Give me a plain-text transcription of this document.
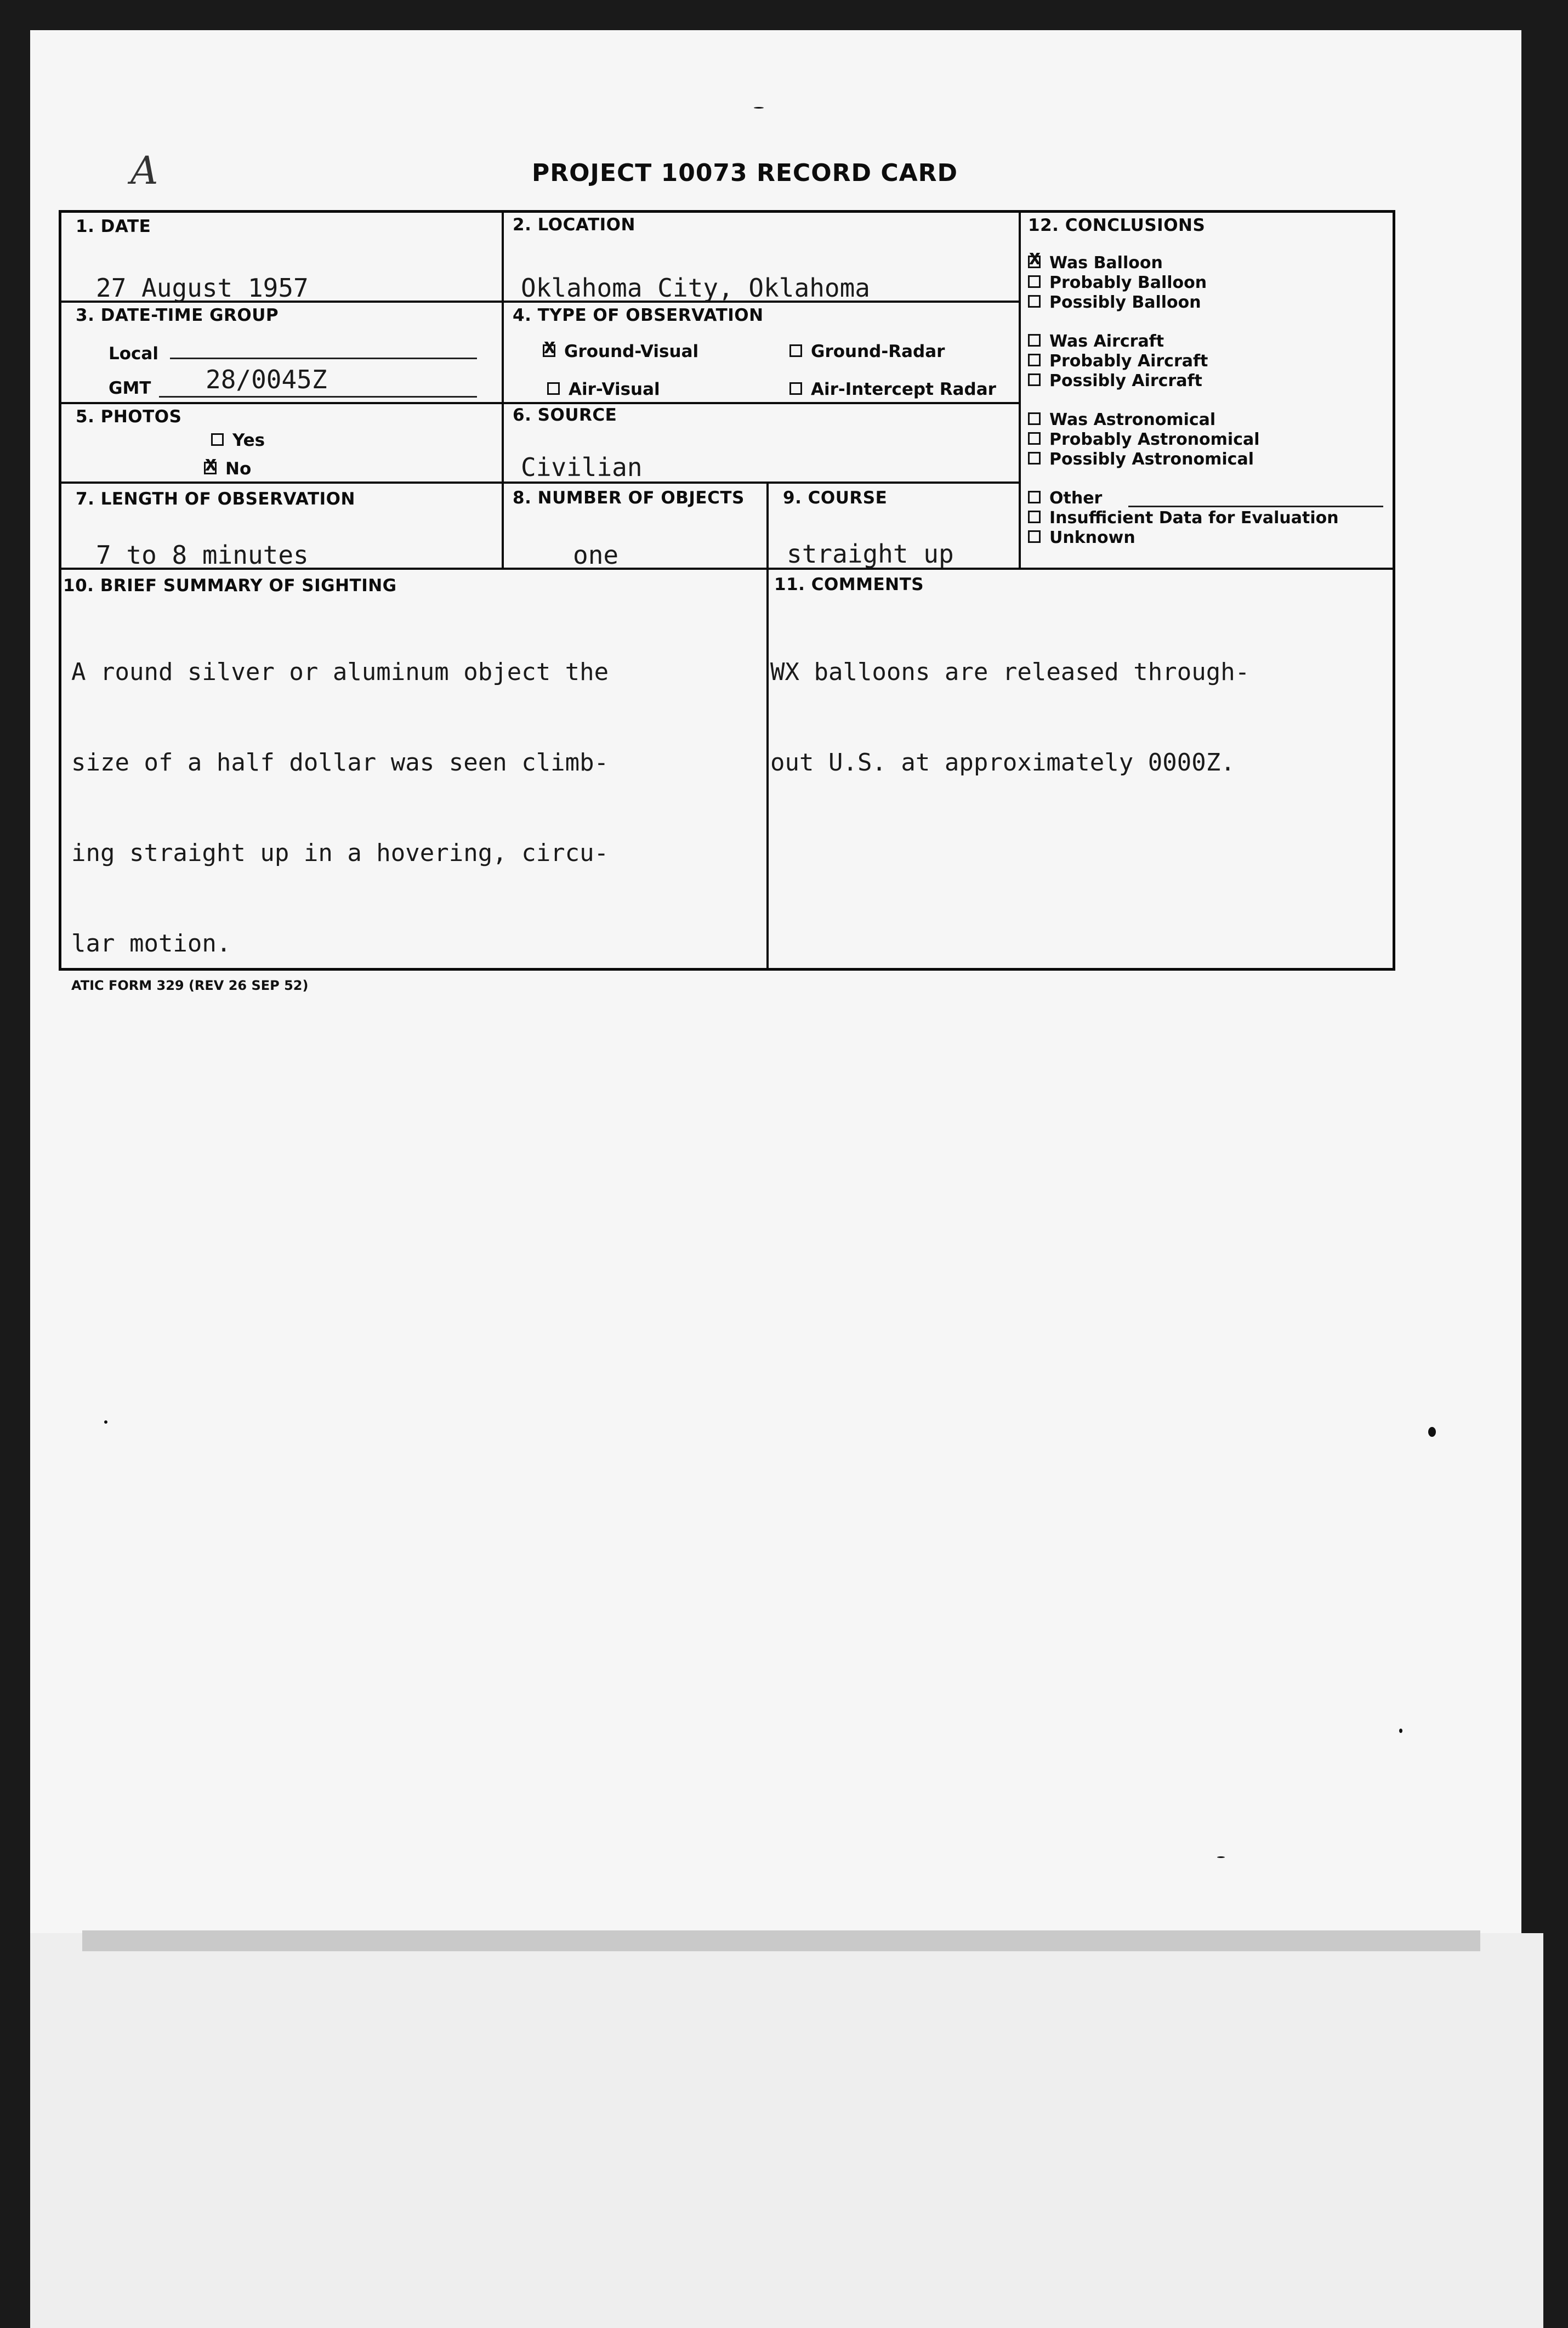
A	PROJECT 10073 RECORD CARD
1. DATE
27 August 1957
2. LOCATION
Oklahoma City, Oklahoma
3. DATE-TIME GROUP
Local
GMT 28/0045Z
4. TYPE OF OBSERVATION
xGround-Visual	Ground-Radar
Air-Visual	Air-Intercept Radar
5. PHOTOS
Yes
xNo
6. SOURCE
Civilian
7. LENGTH OF OBSERVATION
7 to 8 minutes
8. NUMBER OF OBJECTS
one
9. COURSE
straight up
10. BRIEF SUMMARY OF SIGHTING

A round silver or aluminum object the

size of a half dollar was seen climb-

ing straight up in a hovering, circu-

lar motion.

11. COMMENTS

WX balloons are released through-

out U.S. at approximately 0000Z.

12. CONCLUSIONS
xWas Balloon
Probably Balloon
Possibly Balloon
Was Aircraft
Probably Aircraft
Possibly Aircraft
Was Astronomical
Probably Astronomical
Possibly Astronomical
Other
Insufficient Data for Evaluation
Unknown
ATIC FORM 329 (REV 26 SEP 52)
